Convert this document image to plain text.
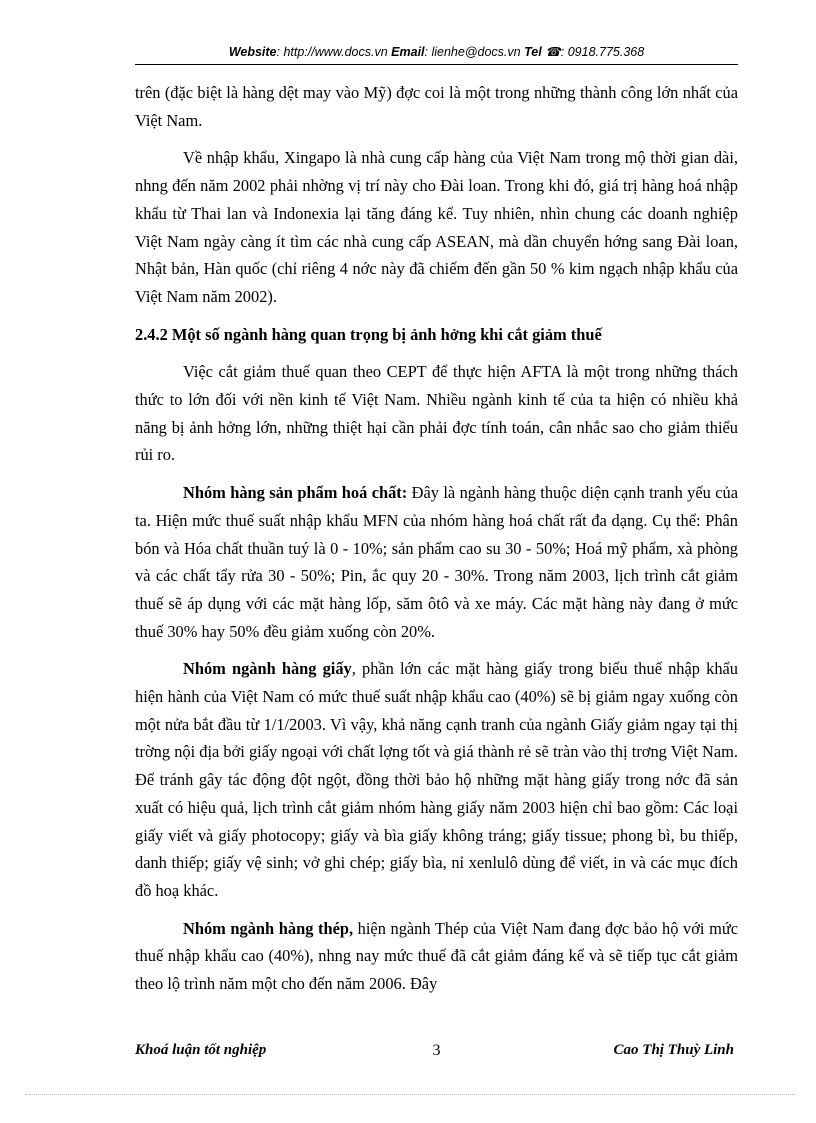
Website: http://www.docs.vn Email: lienhe@docs.vn Tel ☎: 0918.775.368

trên (đặc biệt là hàng dệt may vào Mỹ) đợc coi là một trong những thành công lớn nhất của Việt Nam.

Về nhập khẩu, Xingapo là nhà cung cấp hàng của Việt Nam trong mộ thời gian dài, nhng đến năm 2002 phải nhờng vị trí này cho Đài loan. Trong khi đó, giá trị hàng hoá nhập khẩu từ Thai lan và Indonexia lại tăng đáng kể. Tuy nhiên, nhìn chung các doanh nghiệp Việt Nam ngày càng ít tìm các nhà cung cấp ASEAN, mà dần chuyển hớng sang Đài loan, Nhật bản, Hàn quốc (chỉ riêng 4 nớc này đã chiếm đến gần 50 % kim ngạch nhập khẩu của Việt Nam năm 2002).

2.4.2 Một số ngành hàng quan trọng bị ảnh hởng khi cắt giảm thuế

Việc cắt giảm thuế quan theo CEPT để thực hiện AFTA là một trong những thách thức to lớn đối với nền kinh tế Việt Nam. Nhiều ngành kinh tế của ta hiện có nhiều khả năng bị ảnh hởng lớn, những thiệt hại cần phải đợc tính toán, cân nhắc sao cho giảm thiểu rủi ro.

Nhóm hàng sản phẩm hoá chất: Đây là ngành hàng thuộc diện cạnh tranh yếu của ta. Hiện mức thuế suất nhập khẩu MFN của nhóm hàng hoá chất rất đa dạng. Cụ thể: Phân bón và Hóa chất thuần tuý là 0 - 10%; sản phẩm cao su 30 - 50%; Hoá mỹ phẩm, xà phòng và các chất tẩy rửa 30 - 50%; Pin, ắc quy 20 - 30%. Trong năm 2003, lịch trình cắt giảm thuế sẽ áp dụng với các mặt hàng lốp, săm ôtô và xe máy. Các mặt hàng này đang ở mức thuế 30% hay 50% đều giảm xuống còn 20%.

Nhóm ngành hàng giấy, phần lớn các mặt hàng giấy trong biểu thuế nhập khẩu hiện hành của Việt Nam có mức thuế suất nhập khẩu cao (40%) sẽ bị giảm ngay xuống còn một nửa bắt đầu từ 1/1/2003. Vì vậy, khả năng cạnh tranh của ngành Giấy giảm ngay tại thị trờng nội địa bởi giấy ngoại với chất lợng tốt và giá thành rẻ sẽ tràn vào thị trơng Việt Nam. Để tránh gây tác động đột ngột, đồng thời bảo hộ những mặt hàng giấy trong nớc đã sản xuất có hiệu quả, lịch trình cắt giảm nhóm hàng giấy năm 2003 hiện chỉ bao gồm: Các loại giấy viết và giấy photocopy; giấy và bìa giấy không tráng; giấy tissue; phong bì, bu thiếp, danh thiếp; giấy vệ sinh; vở ghi chép; giấy bìa, nỉ xenlulô dùng để viết, in và các mục đích đồ hoạ khác.

Nhóm ngành hàng thép, hiện ngành Thép của Việt Nam đang đợc bảo hộ với mức thuế nhập khẩu cao (40%), nhng nay mức thuế đã cắt giảm đáng kể và sẽ tiếp tục cắt giảm theo lộ trình năm một cho đến năm 2006. Đây

Khoá luận tốt nghiệp	3	Cao Thị Thuỳ Linh
